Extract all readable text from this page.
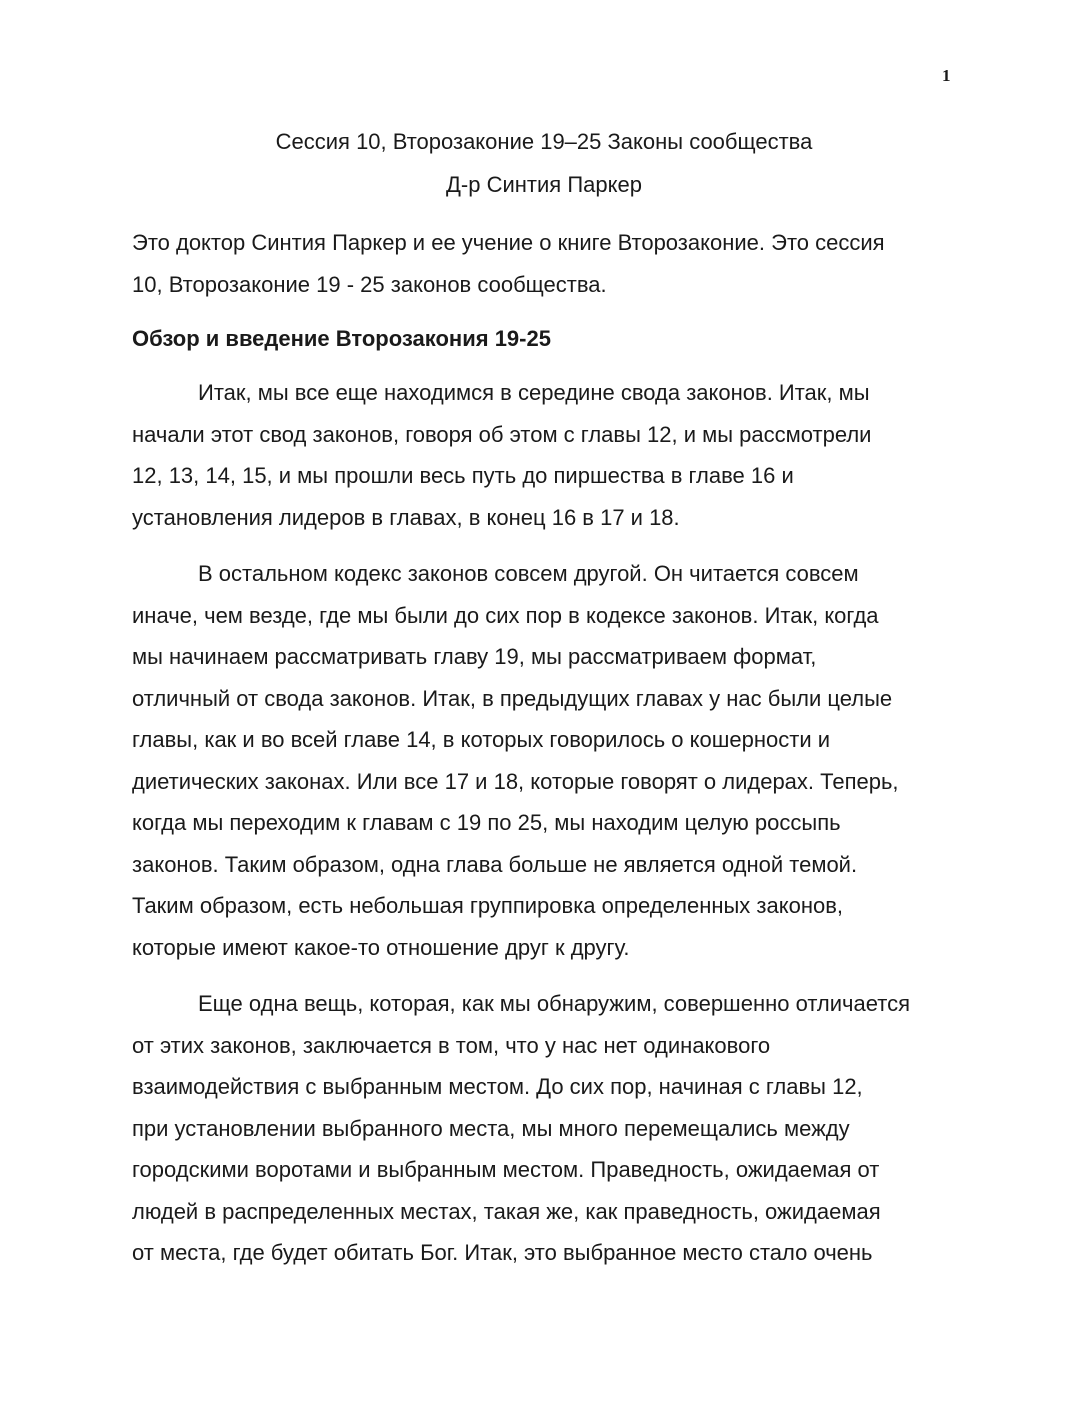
1
Сессия 10, Второзаконие 19–25 Законы сообщества
Д-р Синтия Паркер

Это доктор Синтия Паркер и ее учение о книге Второзаконие. Это сессия
10, Второзаконие 19 - 25 законов сообщества.

Обзор и введение Второзакония 19-25

Итак, мы все еще находимся в середине свода законов. Итак, мы
начали этот свод законов, говоря об этом с главы 12, и мы рассмотрели
12, 13, 14, 15, и мы прошли весь путь до пиршества в главе 16 и
установления лидеров в главах, в конец 16 в 17 и 18.

В остальном кодекс законов совсем другой. Он читается совсем
иначе, чем везде, где мы были до сих пор в кодексе законов. Итак, когда
мы начинаем рассматривать главу 19, мы рассматриваем формат,
отличный от свода законов. Итак, в предыдущих главах у нас были целые
главы, как и во всей главе 14, в которых говорилось о кошерности и
диетических законах. Или все 17 и 18, которые говорят о лидерах. Теперь,
когда мы переходим к главам с 19 по 25, мы находим целую россыпь
законов. Таким образом, одна глава больше не является одной темой.
Таким образом, есть небольшая группировка определенных законов,
которые имеют какое-то отношение друг к другу.

Еще одна вещь, которая, как мы обнаружим, совершенно отличается
от этих законов, заключается в том, что у нас нет одинакового
взаимодействия с выбранным местом. До сих пор, начиная с главы 12,
при установлении выбранного места, мы много перемещались между
городскими воротами и выбранным местом. Праведность, ожидаемая от
людей в распределенных местах, такая же, как праведность, ожидаемая
от места, где будет обитать Бог. Итак, это выбранное место стало очень
